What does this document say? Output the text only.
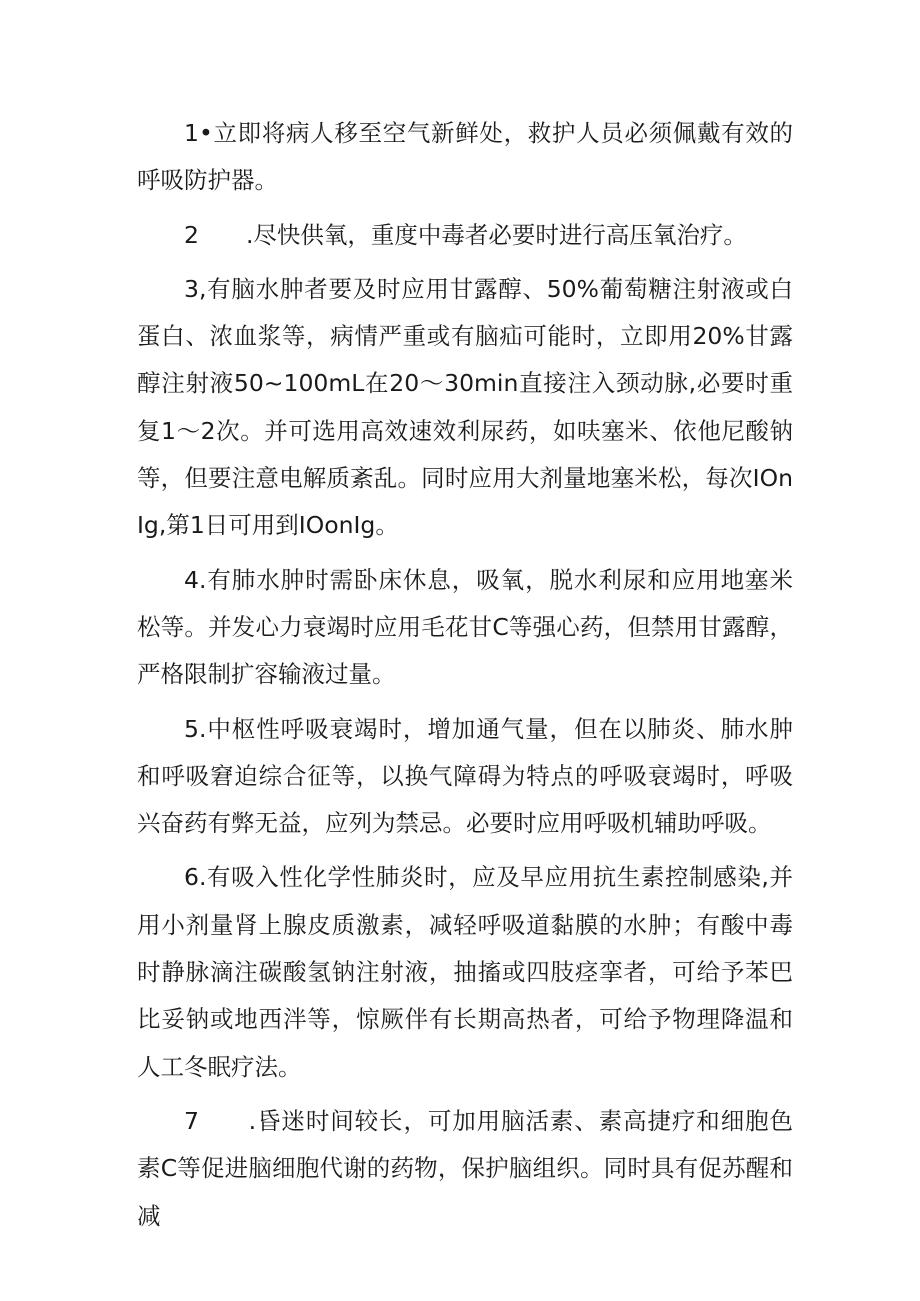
1•立即将病人移至空气新鲜处，救护人员必须佩戴有效的呼吸防护器。

2　　.尽快供氧，重度中毒者必要时进行高压氧治疗。

3,有脑水肿者要及时应用甘露醇、50%葡萄糖注射液或白蛋白、浓血浆等，病情严重或有脑疝可能时，立即用20%甘露醇注射液50~100mL在20～30min直接注入颈动脉,必要时重复1～2次。并可选用高效速效利尿药，如呋塞米、依他尼酸钠等，但要注意电解质紊乱。同时应用大剂量地塞米松，每次IOnIg,第1日可用到IOonIg。

4.有肺水肿时需卧床休息，吸氧，脱水利尿和应用地塞米松等。并发心力衰竭时应用毛花甘C等强心药，但禁用甘露醇，严格限制扩容输液过量。

5.中枢性呼吸衰竭时，增加通气量，但在以肺炎、肺水肿和呼吸窘迫综合征等，以换气障碍为特点的呼吸衰竭时，呼吸兴奋药有弊无益，应列为禁忌。必要时应用呼吸机辅助呼吸。

6.有吸入性化学性肺炎时，应及早应用抗生素控制感染,并用小剂量肾上腺皮质激素，减轻呼吸道黏膜的水肿；有酸中毒时静脉滴注碳酸氢钠注射液，抽搐或四肢痉挛者，可给予苯巴比妥钠或地西泮等，惊厥伴有长期高热者，可给予物理降温和人工冬眠疗法。

7　　.昏迷时间较长，可加用脑活素、素高捷疗和细胞色素C等促进脑细胞代谢的药物，保护脑组织。同时具有促苏醒和减
